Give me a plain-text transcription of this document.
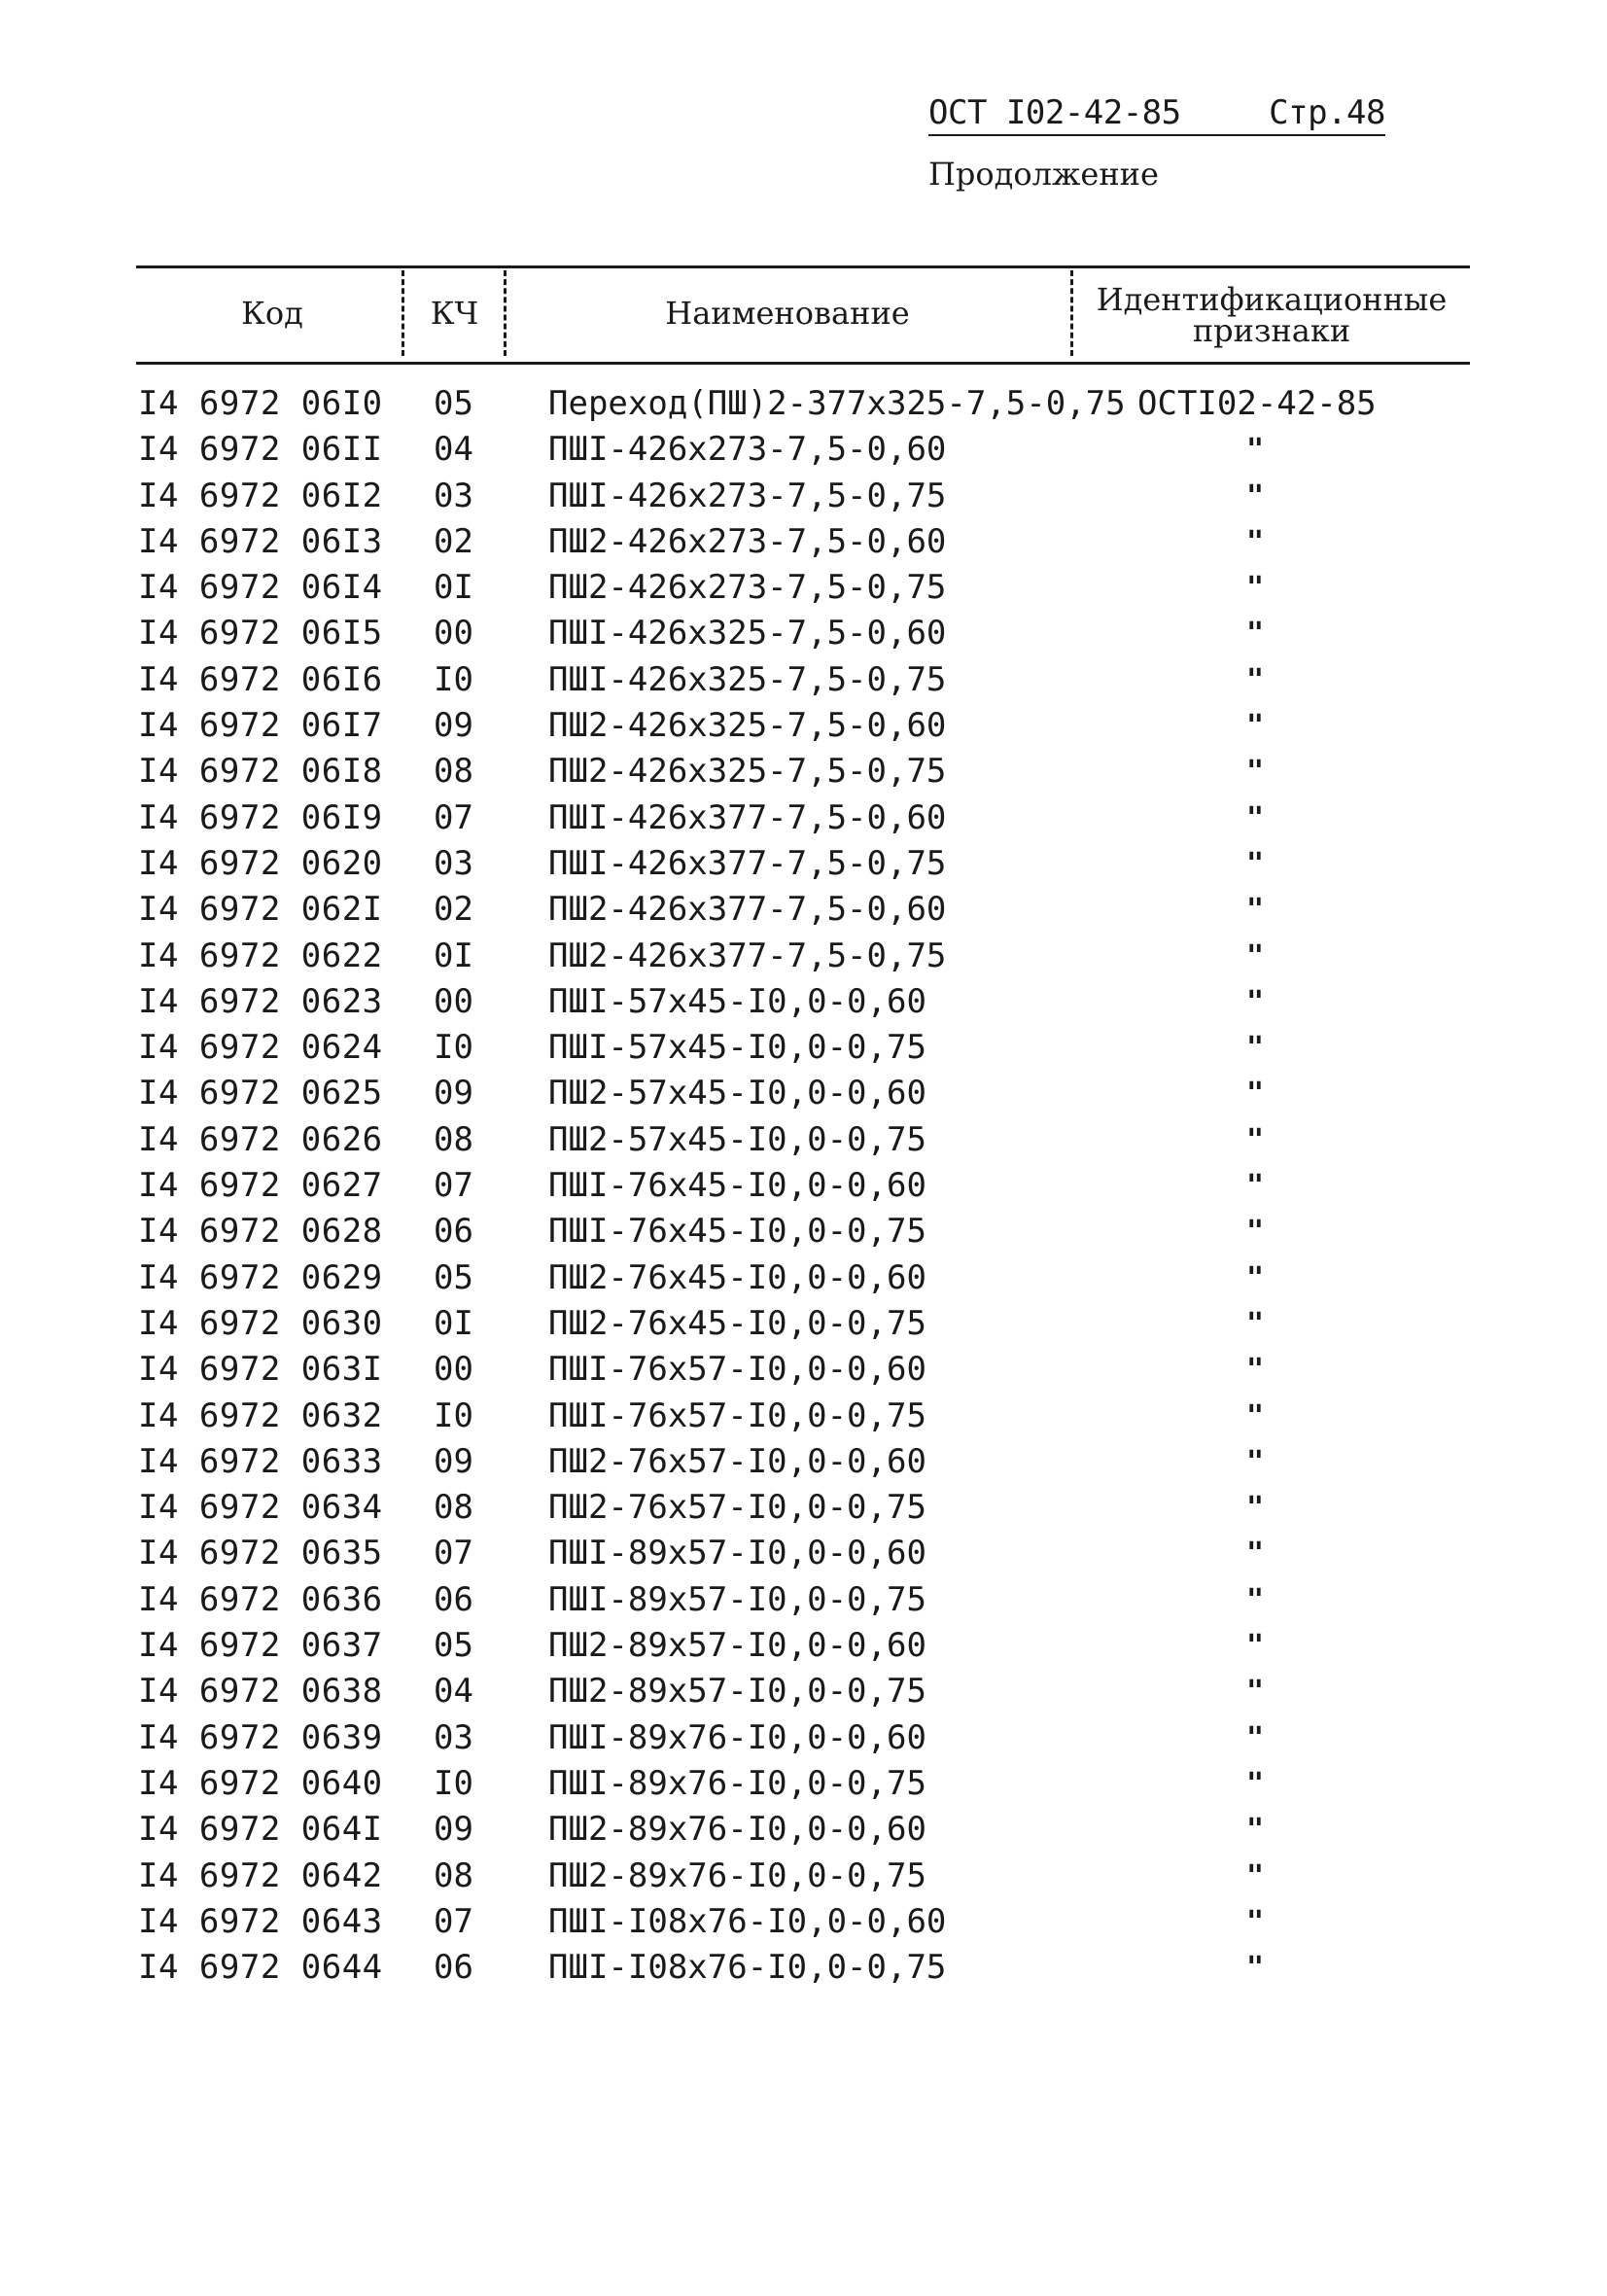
ОСТ I02-42-85	Стр.48
Продолжение
Код	КЧ	Наименование	Идентификационные
признаки
I4 6972 06I0 05 Переход(ПШ)2-377х325-7,5-0,75 ОСТI02-42-85
I4 6972 06II 04 ПШI-426х273-7,5-0,60	"
I4 6972 06I2 03 ПШI-426х273-7,5-0,75	"
I4 6972 06I3 02 ПШ2-426х273-7,5-0,60	"
I4 6972 06I4 0I ПШ2-426х273-7,5-0,75	"
I4 6972 06I5 00 ПШI-426х325-7,5-0,60	"
I4 6972 06I6 I0 ПШI-426х325-7,5-0,75	"
I4 6972 06I7 09 ПШ2-426х325-7,5-0,60	"
I4 6972 06I8 08 ПШ2-426х325-7,5-0,75	"
I4 6972 06I9 07 ПШI-426х377-7,5-0,60	"
I4 6972 0620 03 ПШI-426х377-7,5-0,75	"
I4 6972 062I 02 ПШ2-426х377-7,5-0,60	"
I4 6972 0622 0I ПШ2-426х377-7,5-0,75	"
I4 6972 0623 00 ПШI-57х45-I0,0-0,60	"
I4 6972 0624 I0 ПШI-57х45-I0,0-0,75	"
I4 6972 0625 09 ПШ2-57х45-I0,0-0,60	"
I4 6972 0626 08 ПШ2-57х45-I0,0-0,75	"
I4 6972 0627 07 ПШI-76х45-I0,0-0,60	"
I4 6972 0628 06 ПШI-76х45-I0,0-0,75	"
I4 6972 0629 05 ПШ2-76х45-I0,0-0,60	"
I4 6972 0630 0I ПШ2-76х45-I0,0-0,75	"
I4 6972 063I 00 ПШI-76х57-I0,0-0,60	"
I4 6972 0632 I0 ПШI-76х57-I0,0-0,75	"
I4 6972 0633 09 ПШ2-76х57-I0,0-0,60	"
I4 6972 0634 08 ПШ2-76х57-I0,0-0,75	"
I4 6972 0635 07 ПШI-89х57-I0,0-0,60	"
I4 6972 0636 06 ПШI-89х57-I0,0-0,75	"
I4 6972 0637 05 ПШ2-89х57-I0,0-0,60	"
I4 6972 0638 04 ПШ2-89х57-I0,0-0,75	"
I4 6972 0639 03 ПШI-89х76-I0,0-0,60	"
I4 6972 0640 I0 ПШI-89х76-I0,0-0,75	"
I4 6972 064I 09 ПШ2-89х76-I0,0-0,60	"
I4 6972 0642 08 ПШ2-89х76-I0,0-0,75	"
I4 6972 0643 07 ПШI-I08х76-I0,0-0,60	"
I4 6972 0644 06 ПШI-I08х76-I0,0-0,75	"
